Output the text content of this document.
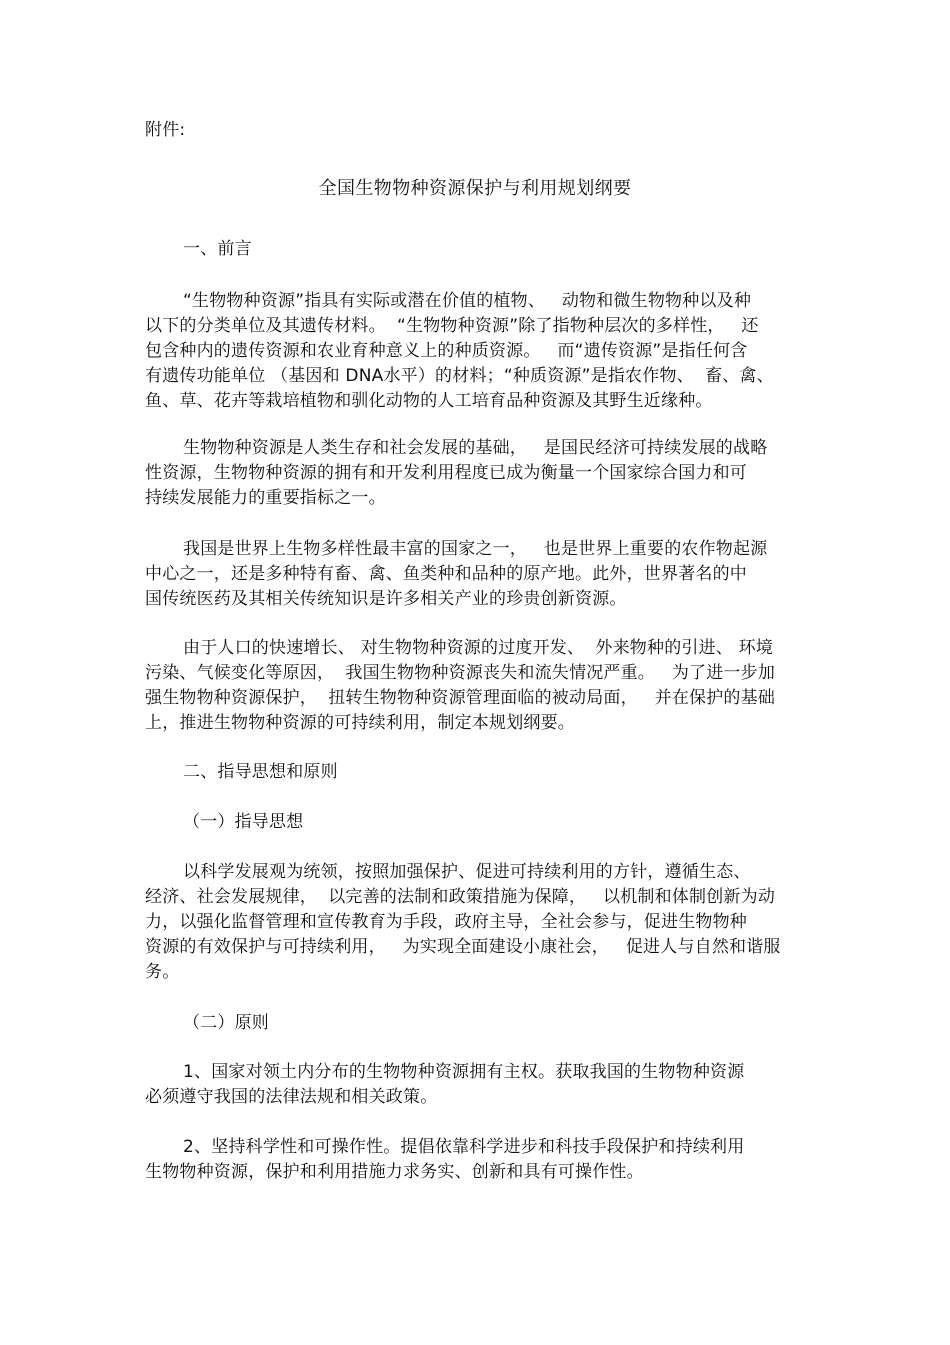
附件:
全国生物物种资源保护与利用规划纲要
一、前言
“生物物种资源”指具有实际或潜在价值的植物、   动物和微生物物种以及种
以下的分类单位及其遗传材料。  “生物物种资源”除了指物种层次的多样性，   还
包含种内的遗传资源和农业育种意义上的种质资源。   而“遗传资源”是指任何含
有遗传功能单位 （基因和 DNA水平）的材料；“种质资源”是指农作物、  畜、禽、
鱼、草、花卉等栽培植物和驯化动物的人工培育品种资源及其野生近缘种。
生物物种资源是人类生存和社会发展的基础，   是国民经济可持续发展的战略
性资源，生物物种资源的拥有和开发利用程度已成为衡量一个国家综合国力和可
持续发展能力的重要指标之一。
我国是世界上生物多样性最丰富的国家之一，   也是世界上重要的农作物起源
中心之一，还是多种特有畜、禽、鱼类种和品种的原产地。此外，世界著名的中
国传统医药及其相关传统知识是许多相关产业的珍贵创新资源。
由于人口的快速增长、 对生物物种资源的过度开发、  外来物种的引进、 环境
污染、气候变化等原因，  我国生物物种资源丧失和流失情况严重。   为了进一步加
强生物物种资源保护，  扭转生物物种资源管理面临的被动局面，   并在保护的基础
上，推进生物物种资源的可持续利用，制定本规划纲要。
二、指导思想和原则
（一）指导思想
以科学发展观为统领，按照加强保护、促进可持续利用的方针，遵循生态、
经济、社会发展规律，  以完善的法制和政策措施为保障，   以机制和体制创新为动
力，以强化监督管理和宣传教育为手段，政府主导，全社会参与，促进生物物种
资源的有效保护与可持续利用，   为实现全面建设小康社会，   促进人与自然和谐服
务。
（二）原则
1、国家对领土内分布的生物物种资源拥有主权。获取我国的生物物种资源
必须遵守我国的法律法规和相关政策。
2、坚持科学性和可操作性。提倡依靠科学进步和科技手段保护和持续利用
生物物种资源，保护和利用措施力求务实、创新和具有可操作性。
